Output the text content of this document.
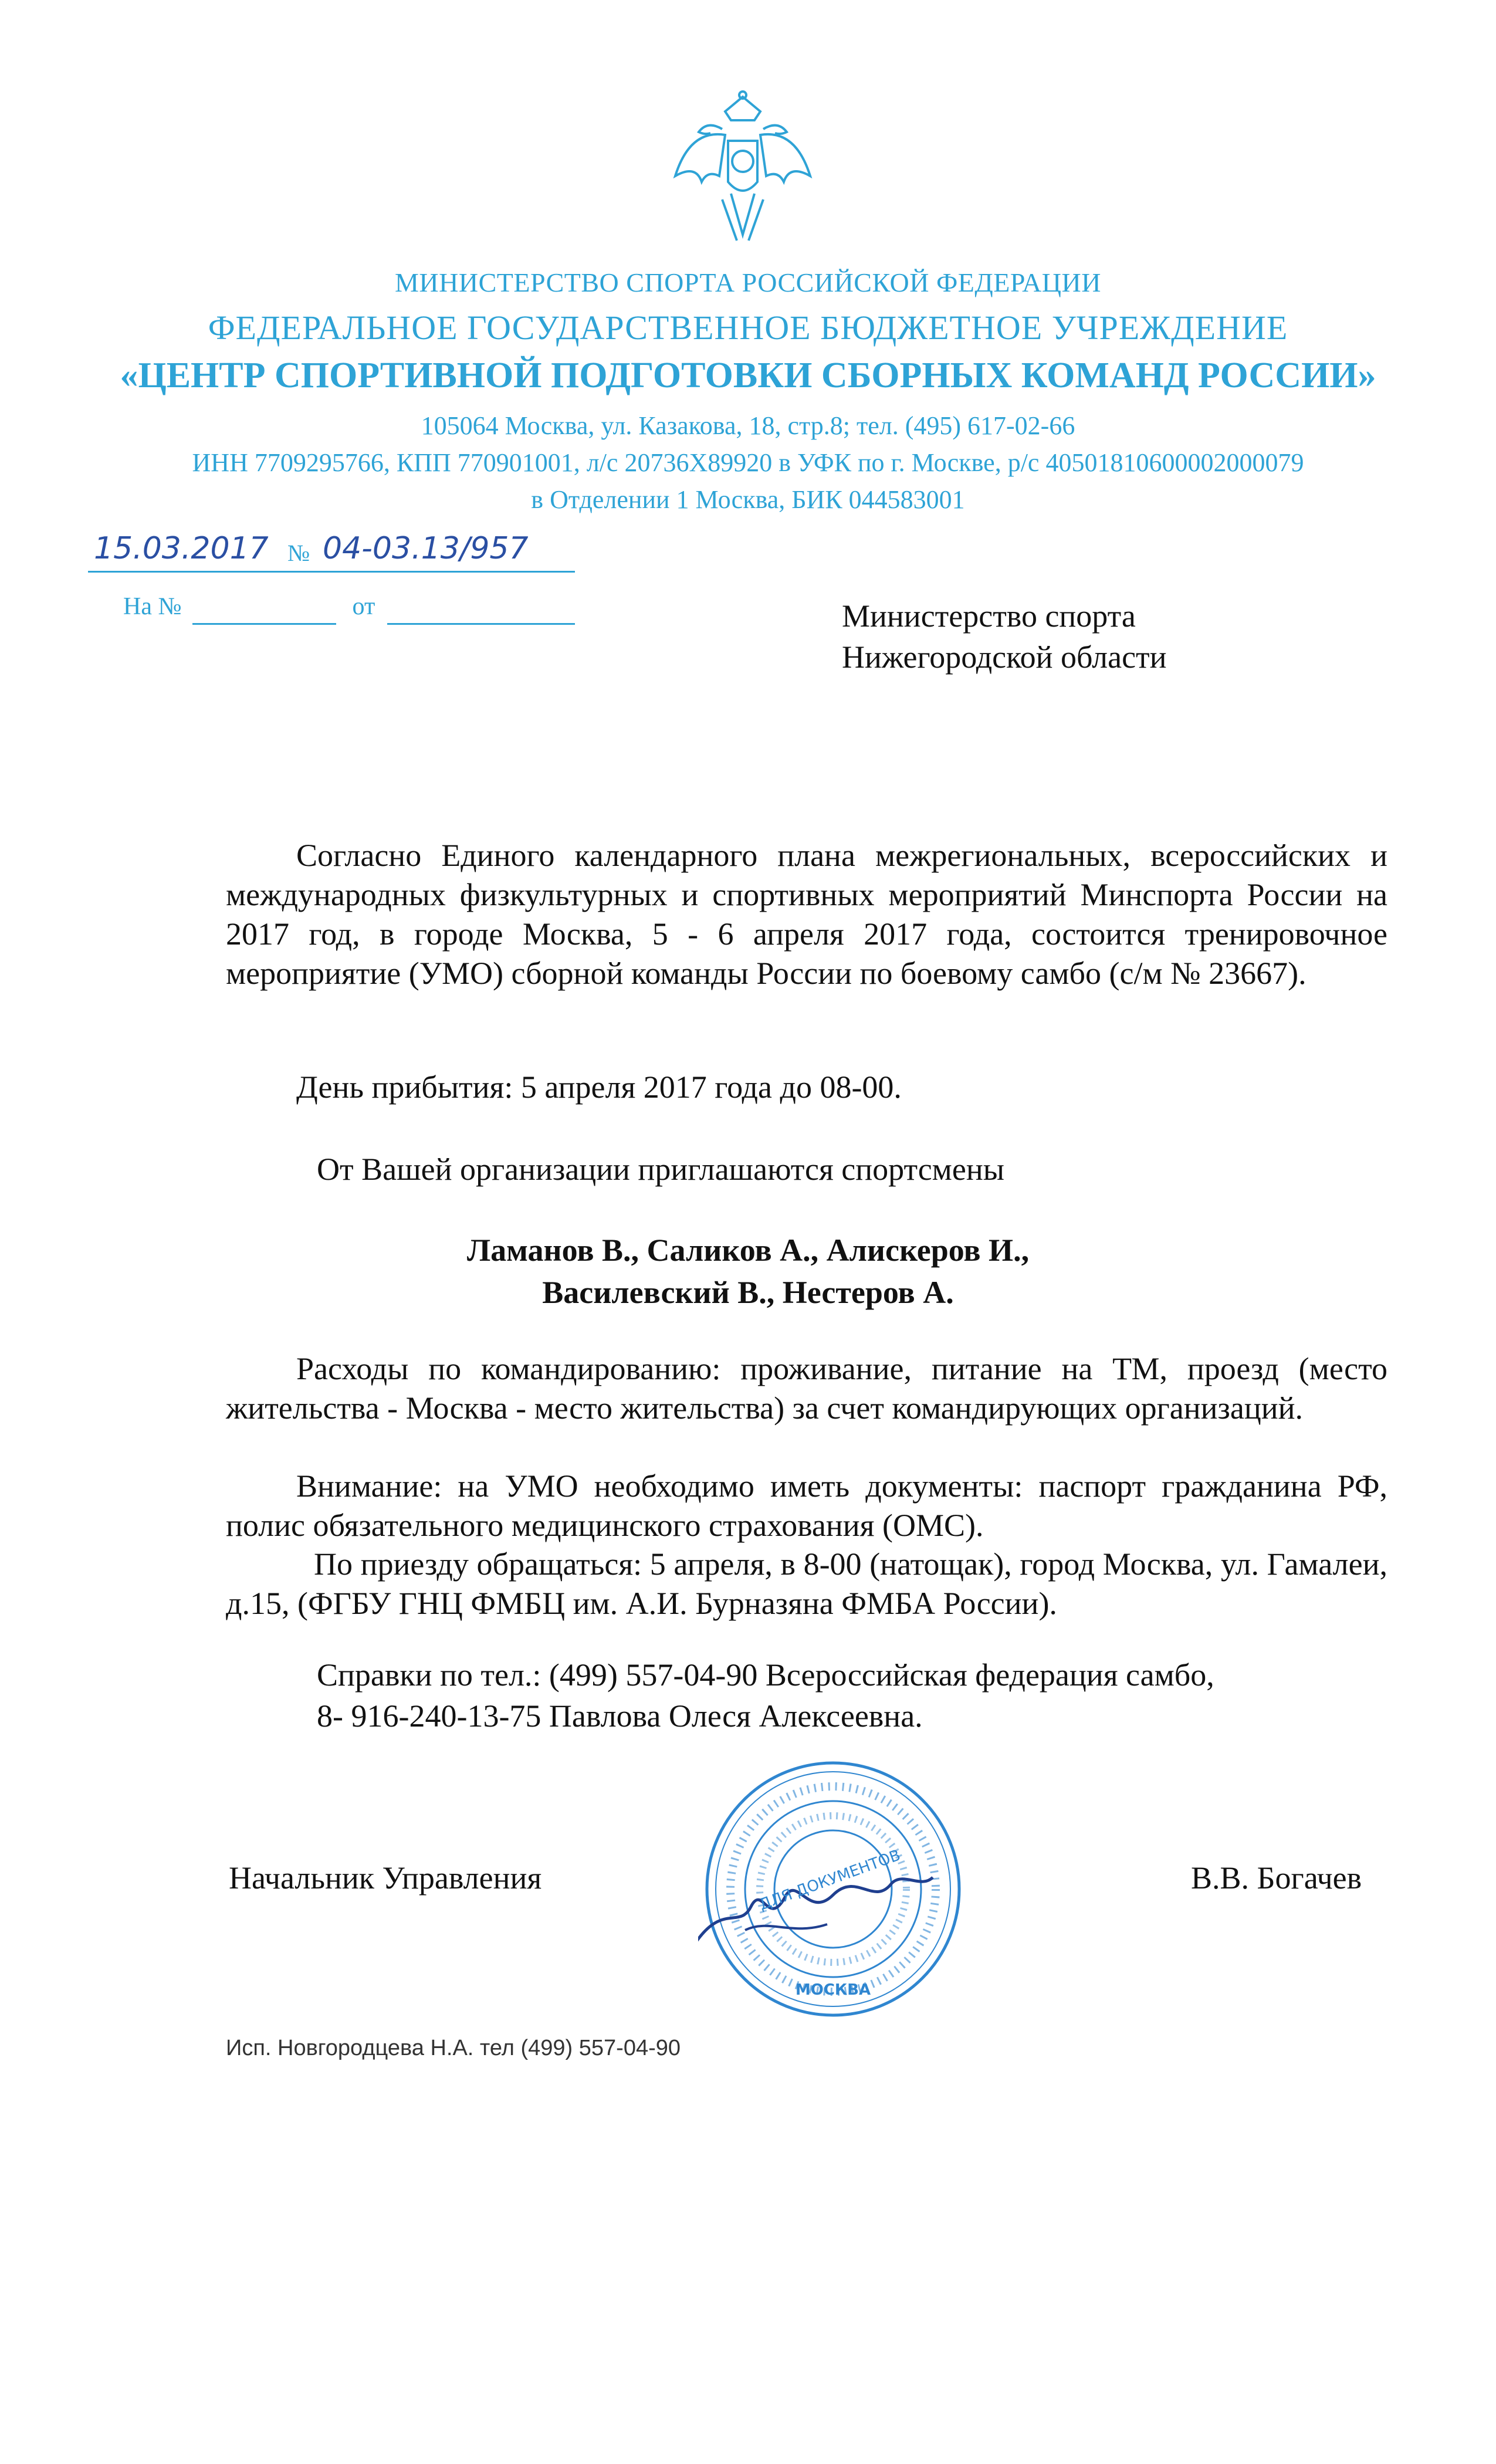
МИНИСТЕРСТВО СПОРТА РОССИЙСКОЙ ФЕДЕРАЦИИ
ФЕДЕРАЛЬНОЕ ГОСУДАРСТВЕННОЕ БЮДЖЕТНОЕ УЧРЕЖДЕНИЕ
«ЦЕНТР СПОРТИВНОЙ ПОДГОТОВКИ СБОРНЫХ КОМАНД РОССИИ»
105064 Москва, ул. Казакова, 18, стр.8; тел. (495) 617-02-66
ИНН 7709295766, КПП 770901001, л/с 20736Х89920 в УФК по г. Москве, р/с 40501810600002000079
в Отделении 1 Москва, БИК 044583001
15.03.2017 № 04-03.13/957
На №	от	Министерство спорта
Нижегородской области
Согласно Единого календарного плана межрегиональных, всероссийских и международных физкультурных и спортивных мероприятий Минспорта России на 2017 год, в городе Москва, 5 - 6 апреля 2017 года, состоится тренировочное мероприятие (УМО) сборной команды России по боевому самбо (с/м № 23667).
День прибытия: 5 апреля 2017 года до 08-00.
От Вашей организации приглашаются спортсмены
Ламанов В., Саликов А., Алискеров И.,
Василевский В., Нестеров А.
Расходы по командированию: проживание, питание на ТМ, проезд (место жительства - Москва - место жительства) за счет командирующих организаций.
Внимание: на УМО необходимо иметь документы: паспорт гражданина РФ, полис обязательного медицинского страхования (ОМС).
По приезду обращаться: 5 апреля, в 8-00 (натощак), город Москва, ул. Гамалеи, д.15, (ФГБУ ГНЦ ФМБЦ им. А.И. Бурназяна ФМБА России).
Справки по тел.: (499) 557-04-90 Всероссийская федерация самбо,
8- 916-240-13-75 Павлова Олеся Алексеевна.
Начальник Управления	В.В. Богачев
ДЛЯ ДОКУМЕНТОВ
МОСКВА
Исп. Новгородцева Н.А. тел (499) 557-04-90
